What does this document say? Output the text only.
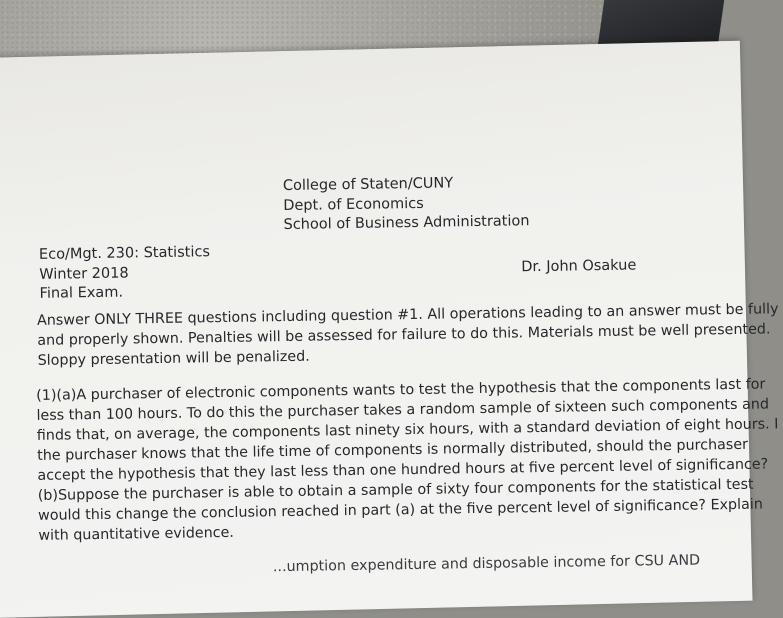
College of Staten/CUNY

Dept. of Economics

School of Business Administration

Eco/Mgt. 230: Statistics

Winter 2018

Final Exam.

Dr. John Osakue

Answer ONLY THREE questions including question #1. All operations leading to an answer must be fully

and properly shown. Penalties will be assessed for failure to do this. Materials must be well presented.

Sloppy presentation will be penalized.

(1)(a)A purchaser of electronic components wants to test the hypothesis that the components last for

less than 100 hours. To do this the purchaser takes a random sample of sixteen such components and

finds that, on average, the components last ninety six hours, with a standard deviation of eight hours. I

the purchaser knows that the life time of components is normally distributed, should the purchaser

accept the hypothesis that they last less than one hundred hours at five percent level of significance?

(b)Suppose the purchaser is able to obtain a sample of sixty four components for the statistical test

would this change the conclusion reached in part (a) at the five percent level of significance? Explain

with quantitative evidence.

...umption expenditure and disposable income for CSU AND
